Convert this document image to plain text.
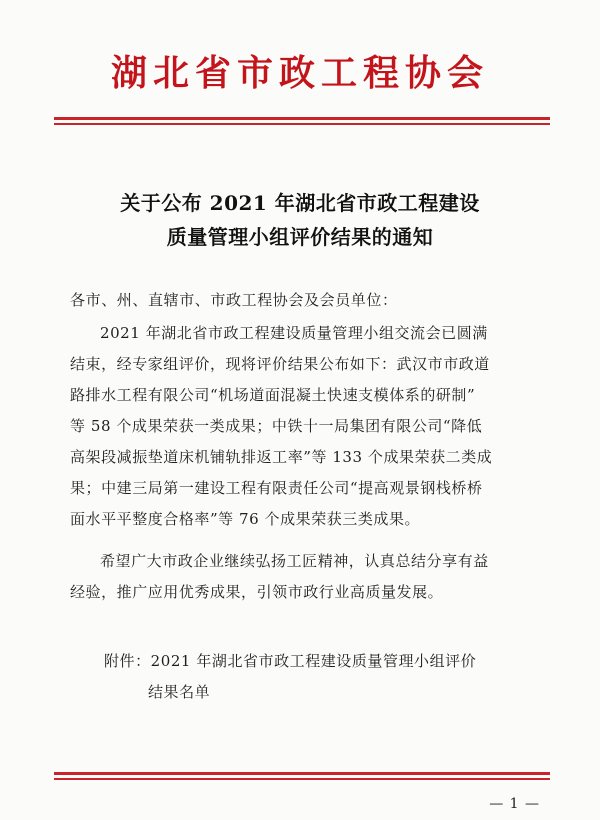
湖北省市政工程协会
关于公布 2021 年湖北省市政工程建设
质量管理小组评价结果的通知
各市、州、直辖市、市政工程协会及会员单位：
2021 年湖北省市政工程建设质量管理小组交流会已圆满
结束，经专家组评价，现将评价结果公布如下：武汉市市政道
路排水工程有限公司“机场道面混凝土快速支模体系的研制”
等 58 个成果荣获一类成果；中铁十一局集团有限公司“降低
高架段减振垫道床机铺轨排返工率”等 133 个成果荣获二类成
果；中建三局第一建设工程有限责任公司“提高观景钢栈桥桥
面水平平整度合格率”等 76 个成果荣获三类成果。
希望广大市政企业继续弘扬工匠精神，认真总结分享有益
经验，推广应用优秀成果，引领市政行业高质量发展。
附件：2021 年湖北省市政工程建设质量管理小组评价
结果名单
— 1 —
